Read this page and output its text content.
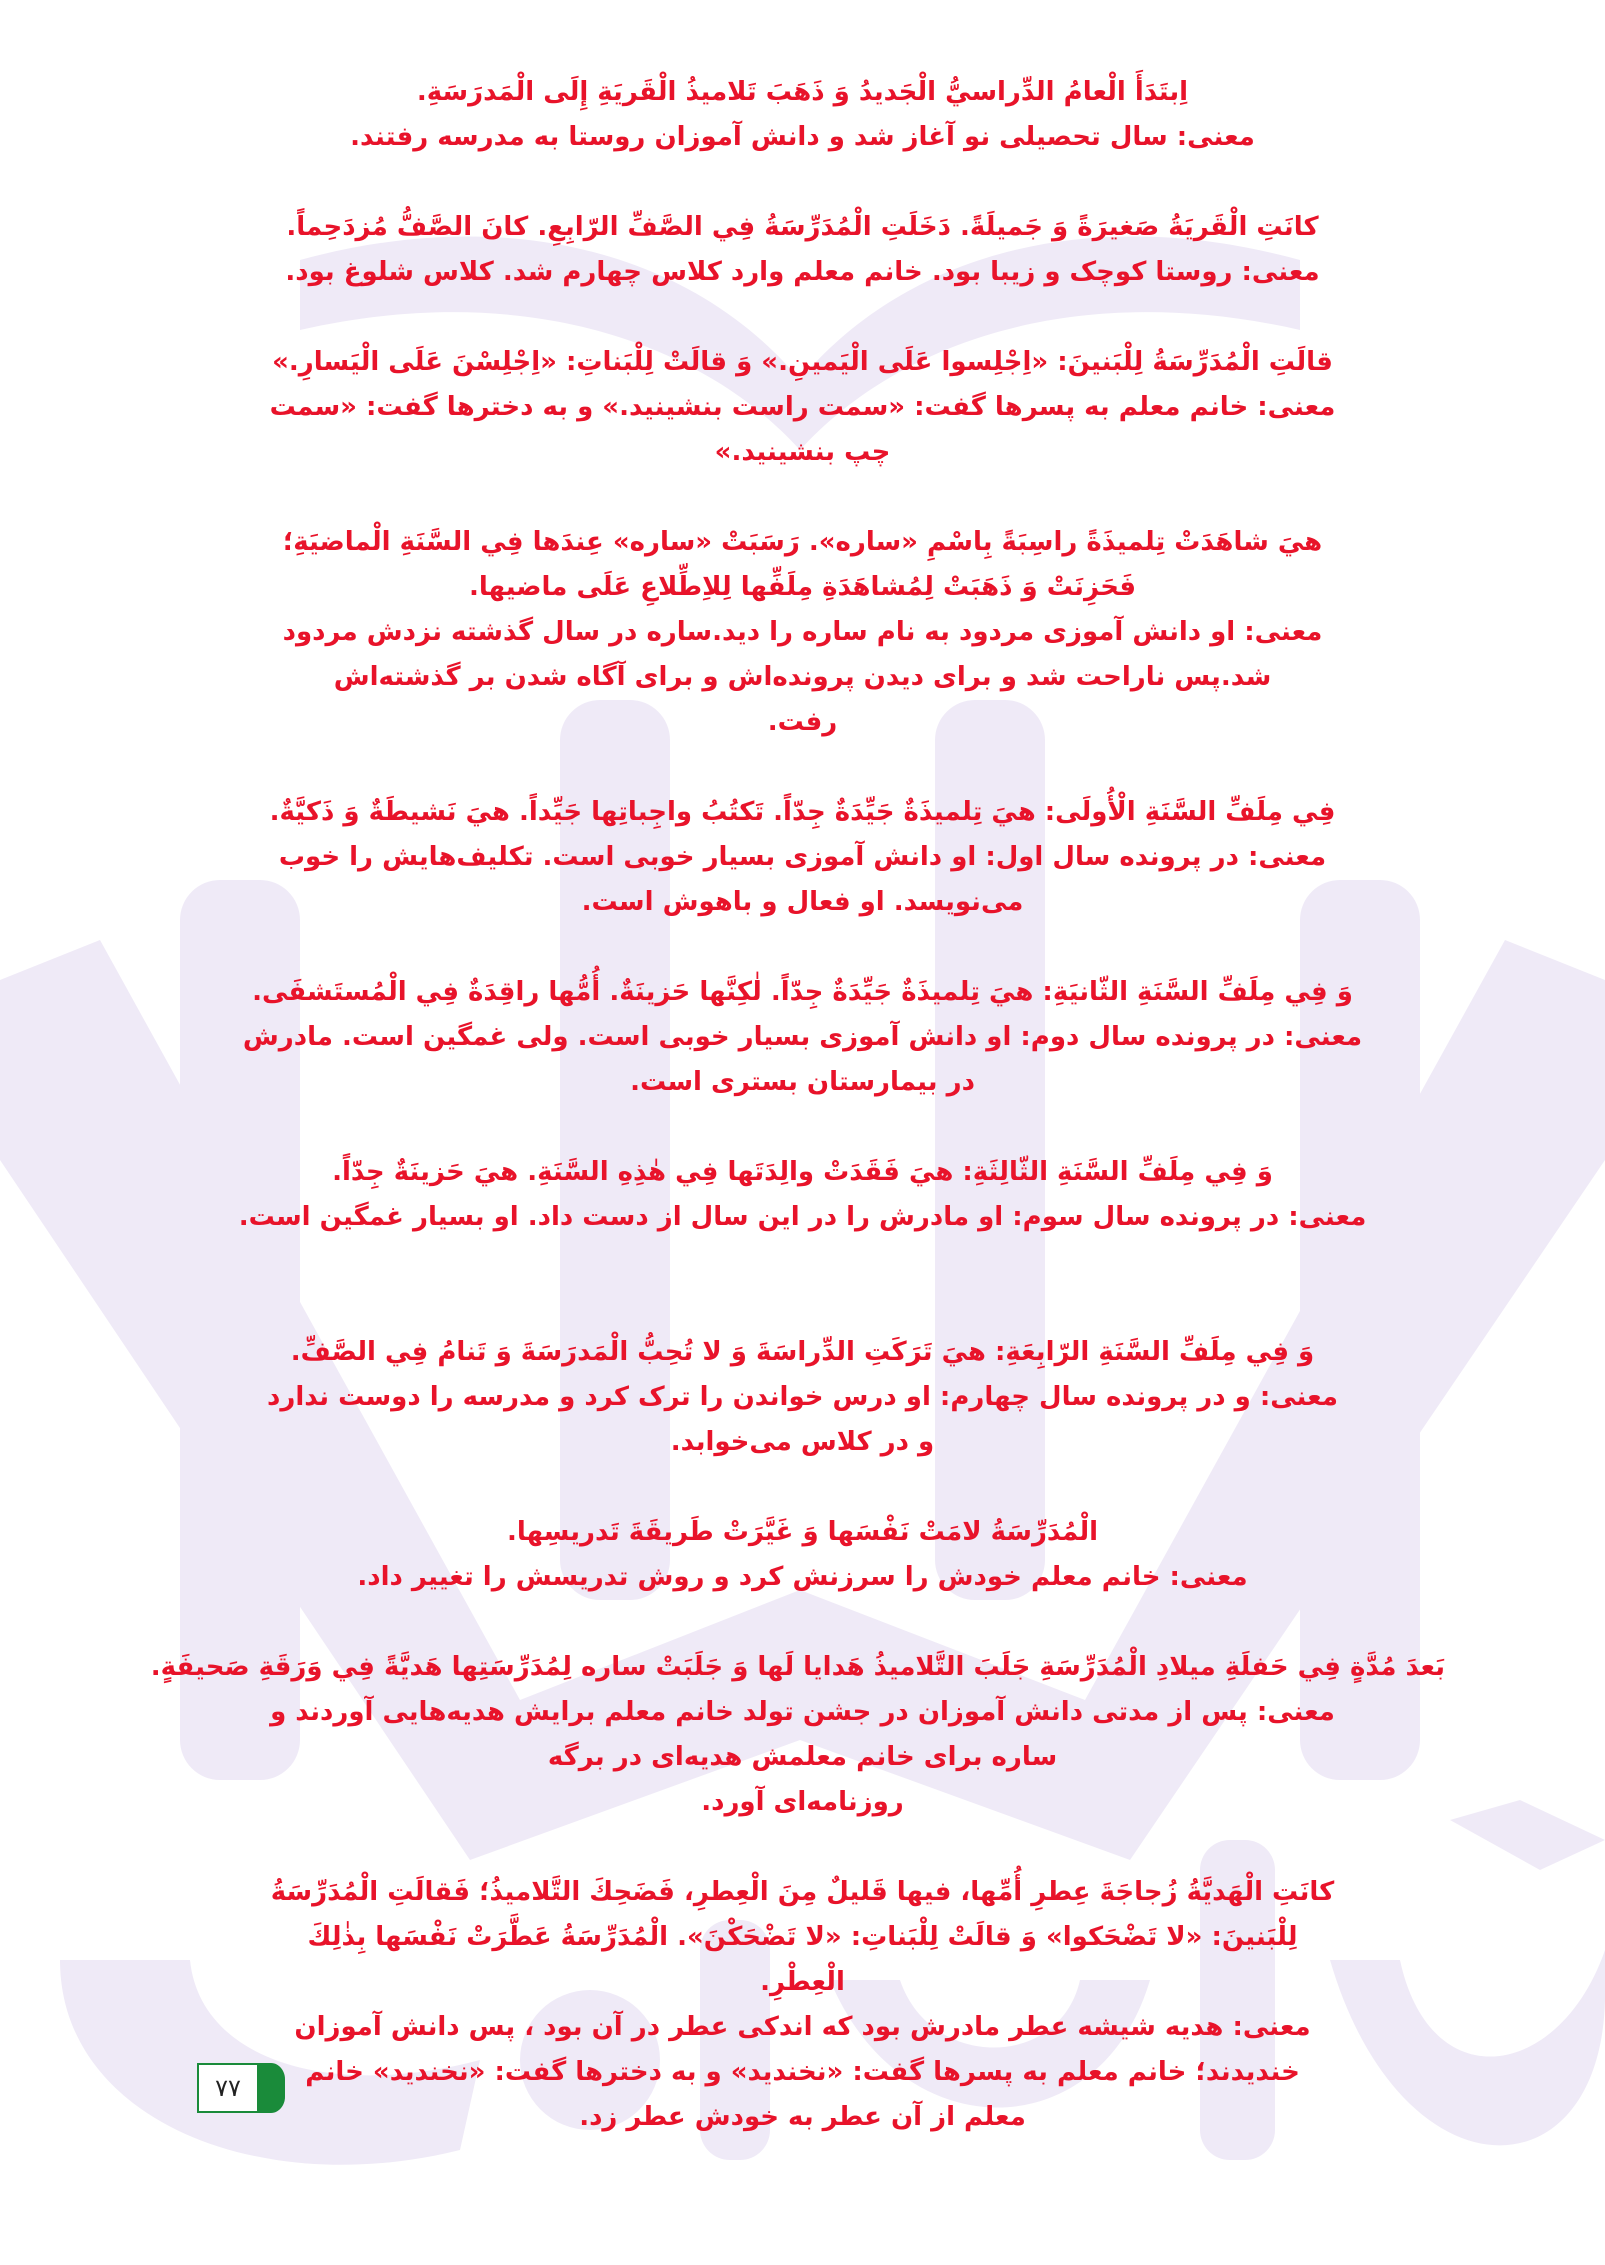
اِبتَدَأَ الْعامُ الدِّراسيُّ الْجَديدُ وَ ذَهَبَ تَلاميذُ الْقَريَةِ إِلَى الْمَدرَسَةِ.
معنی: سال تحصیلی نو آغاز شد و دانش آموزان روستا به مدرسه رفتند.
كانَتِ الْقَريَةُ صَغيرَةً وَ جَميلَةً. دَخَلَتِ الْمُدَرِّسَةُ فِي الصَّفِّ الرّابِعِ. كانَ الصَّفُّ مُزدَحِماً.
معنی: روستا کوچک و زیبا بود. خانم معلم وارد کلاس چهارم شد. کلاس شلوغ بود.
قالَتِ الْمُدَرِّسَةُ لِلْبَنينَ: «اِجْلِسوا عَلَى الْيَمينِ.» وَ قالَتْ لِلْبَناتِ: «اِجْلِسْنَ عَلَى الْيَسارِ.»
معنی: خانم معلم به پسرها گفت: «سمت راست بنشینید.» و به دخترها گفت: «سمت
چپ بنشینید.»
هيَ شاهَدَتْ تِلميذَةً راسِبَةً بِاسْمِ «ساره». رَسَبَتْ «ساره» عِندَها فِي السَّنَةِ الْماضيَةِ؛
فَحَزِنَتْ وَ ذَهَبَتْ لِمُشاهَدَةِ مِلَفِّها لِلاِطِّلاعِ عَلَى ماضيها.
معنی: او دانش آموزی مردود به نام ساره را دید.ساره در سال گذشته نزدش مردود
شد.پس ناراحت شد و برای دیدن پرونده‌اش و برای آگاه شدن بر گذشته‌اش
رفت.
فِي مِلَفِّ السَّنَةِ الْأُولَى: هيَ تِلميذَةٌ جَيِّدَةٌ جِدّاً. تَكتُبُ واجِباتِها جَيِّداً. هيَ نَشيطَةٌ وَ ذَكيَّةٌ.
معنی: در پرونده سال اول: او دانش آموزی بسیار خوبی است. تکلیف‌هایش را خوب
می‌نویسد. او فعال و باهوش است.
وَ فِي مِلَفِّ السَّنَةِ الثّانيَةِ: هيَ تِلميذَةٌ جَيِّدَةٌ جِدّاً. لٰكِنَّها حَزينَةٌ. أُمُّها راقِدَةٌ فِي الْمُستَشفَى.
معنی: در پرونده سال دوم: او دانش آموزی بسیار خوبی است. ولی غمگین است. مادرش
در بیمارستان بستری است.
وَ فِي مِلَفِّ السَّنَةِ الثّالِثَةِ: هيَ فَقَدَتْ والِدَتَها فِي هٰذِهِ السَّنَةِ. هيَ حَزينَةٌ جِدّاً.
معنی: در پرونده سال سوم: او مادرش را در این سال از دست داد. او بسیار غمگین است.
وَ فِي مِلَفِّ السَّنَةِ الرّابِعَةِ: هيَ تَرَكَتِ الدِّراسَةَ وَ لا تُحِبُّ الْمَدرَسَةَ وَ تَنامُ فِي الصَّفِّ.
معنی: و در پرونده سال چهارم: او درس خواندن را ترک کرد و مدرسه را دوست ندارد
و در کلاس می‌خوابد.
الْمُدَرِّسَةُ لامَتْ نَفْسَها وَ غَيَّرَتْ طَريقَةَ تَدريسِها.
معنی: خانم معلم خودش را سرزنش کرد و روش تدریسش را تغییر داد.
بَعدَ مُدَّةٍ فِي حَفلَةِ ميلادِ الْمُدَرِّسَةِ جَلَبَ التَّلاميذُ هَدايا لَها وَ جَلَبَتْ ساره لِمُدَرِّسَتِها هَديَّةً فِي وَرَقَةِ صَحيفَةٍ.
معنی: پس از مدتی دانش آموزان در جشن تولد خانم معلم برایش هدیه‌هایی آوردند و
ساره برای خانم معلمش هدیه‌ای در برگه
روزنامه‌ای آورد.
كانَتِ الْهَديَّةُ زُجاجَةَ عِطرِ أُمِّها، فيها قَليلٌ مِنَ الْعِطرِ، فَضَحِكَ التَّلاميذُ؛ فَقالَتِ الْمُدَرِّسَةُ
لِلْبَنينَ: «لا تَضْحَكوا» وَ قالَتْ لِلْبَناتِ: «لا تَضْحَكْنَ». الْمُدَرِّسَةُ عَطَّرَتْ نَفْسَها بِذٰلِكَ
الْعِطْرِ.
معنی: هدیه شیشه عطر مادرش بود که اندکی عطر در آن بود ، پس دانش آموزان
خندیدند؛ خانم معلم به پسرها گفت: «نخندید» و به دخترها گفت: «نخندید» خانم
معلم از آن عطر به خودش عطر زد.
۷۷
